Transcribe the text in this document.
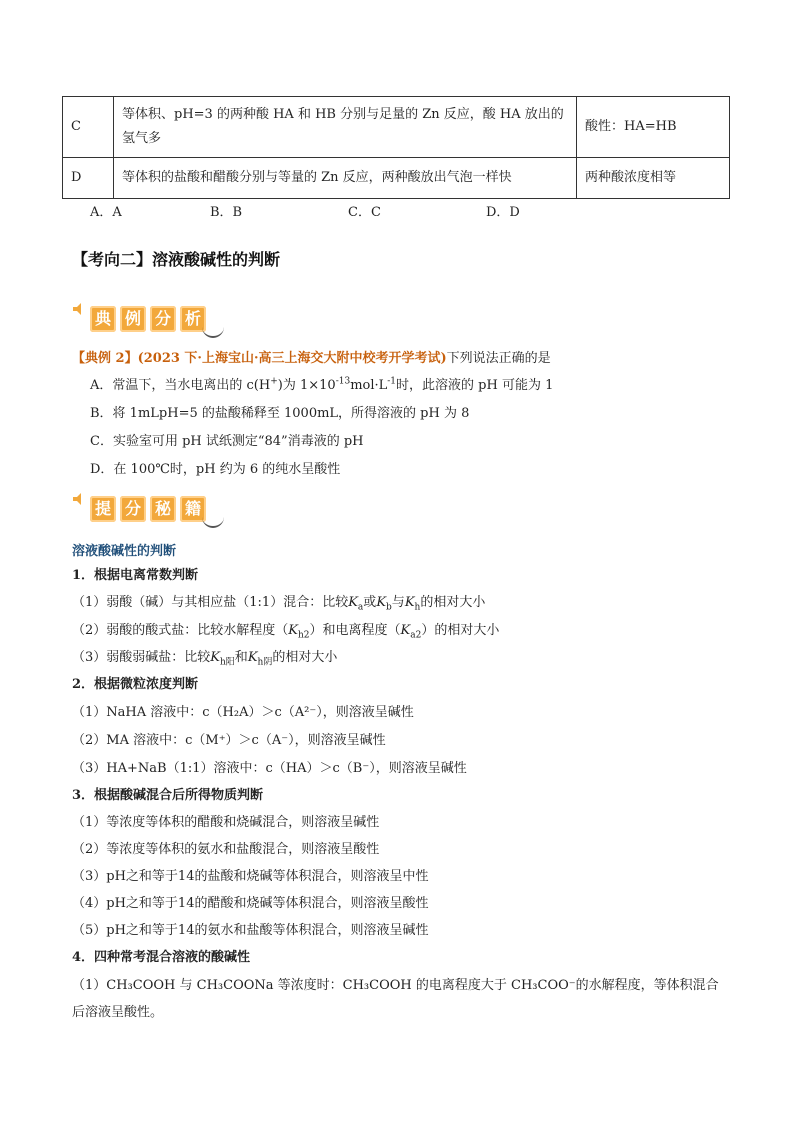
C	等体积、pH=3 的两种酸 HA 和 HB 分别与足量的 Zn 反应，酸 HA 放出的
氢气多	酸性：HA=HB
D	等体积的盐酸和醋酸分别与等量的 Zn 反应，两种酸放出气泡一样快	两种酸浓度相等
A．A	B．B	C．C	D．D
【考向二】溶液酸碱性的判断
典 例 分 析
【典例 2】(2023 下·上海宝山·高三上海交大附中校考开学考试)下列说法正确的是
A．常温下，当水电离出的 c(H+)为 $1\times 10^{-13}mol\cdot L^{-1}$时，此溶液的 pH 可能为 1
B．将 1mLpH=5 的盐酸稀释至 1000mL，所得溶液的 pH 为 8
C．实验室可用 pH 试纸测定“84”消毒液的 pH
D．在 100℃时，pH 约为 6 的纯水呈酸性
提 分 秘 籍
溶液酸碱性的判断
1．根据电离常数判断
（1）弱酸（碱）与其相应盐（1:1）混合：比较$K_a$或$K_b$与$K_h$的相对大小
（2）弱酸的酸式盐：比较水解程度$(K_{h2})$和电离程度$(K_{a2})$的相对大小
（3）弱酸弱碱盐：比较$K_{h阳}$和$K_{h阴}$的相对大小
2．根据微粒浓度判断
（1）NaHA 溶液中：c（H₂A）＞c（A²⁻），则溶液呈碱性
（2）MA 溶液中：c（M⁺）＞c（A⁻），则溶液呈碱性
（3）HA+NaB（1:1）溶液中：c（HA）＞c（B⁻），则溶液呈碱性
3．根据酸碱混合后所得物质判断
（1）等浓度等体积的醋酸和烧碱混合，则溶液呈碱性
（2）等浓度等体积的氨水和盐酸混合，则溶液呈酸性
（3）pH之和等于14的盐酸和烧碱等体积混合，则溶液呈中性
（4）pH之和等于14的醋酸和烧碱等体积混合，则溶液呈酸性
（5）pH之和等于14的氨水和盐酸等体积混合，则溶液呈碱性
4．四种常考混合溶液的酸碱性
（1）CH₃COOH 与 CH₃COONa 等浓度时：CH₃COOH 的电离程度大于 CH₃COO⁻的水解程度，等体积混合
后溶液呈酸性。
